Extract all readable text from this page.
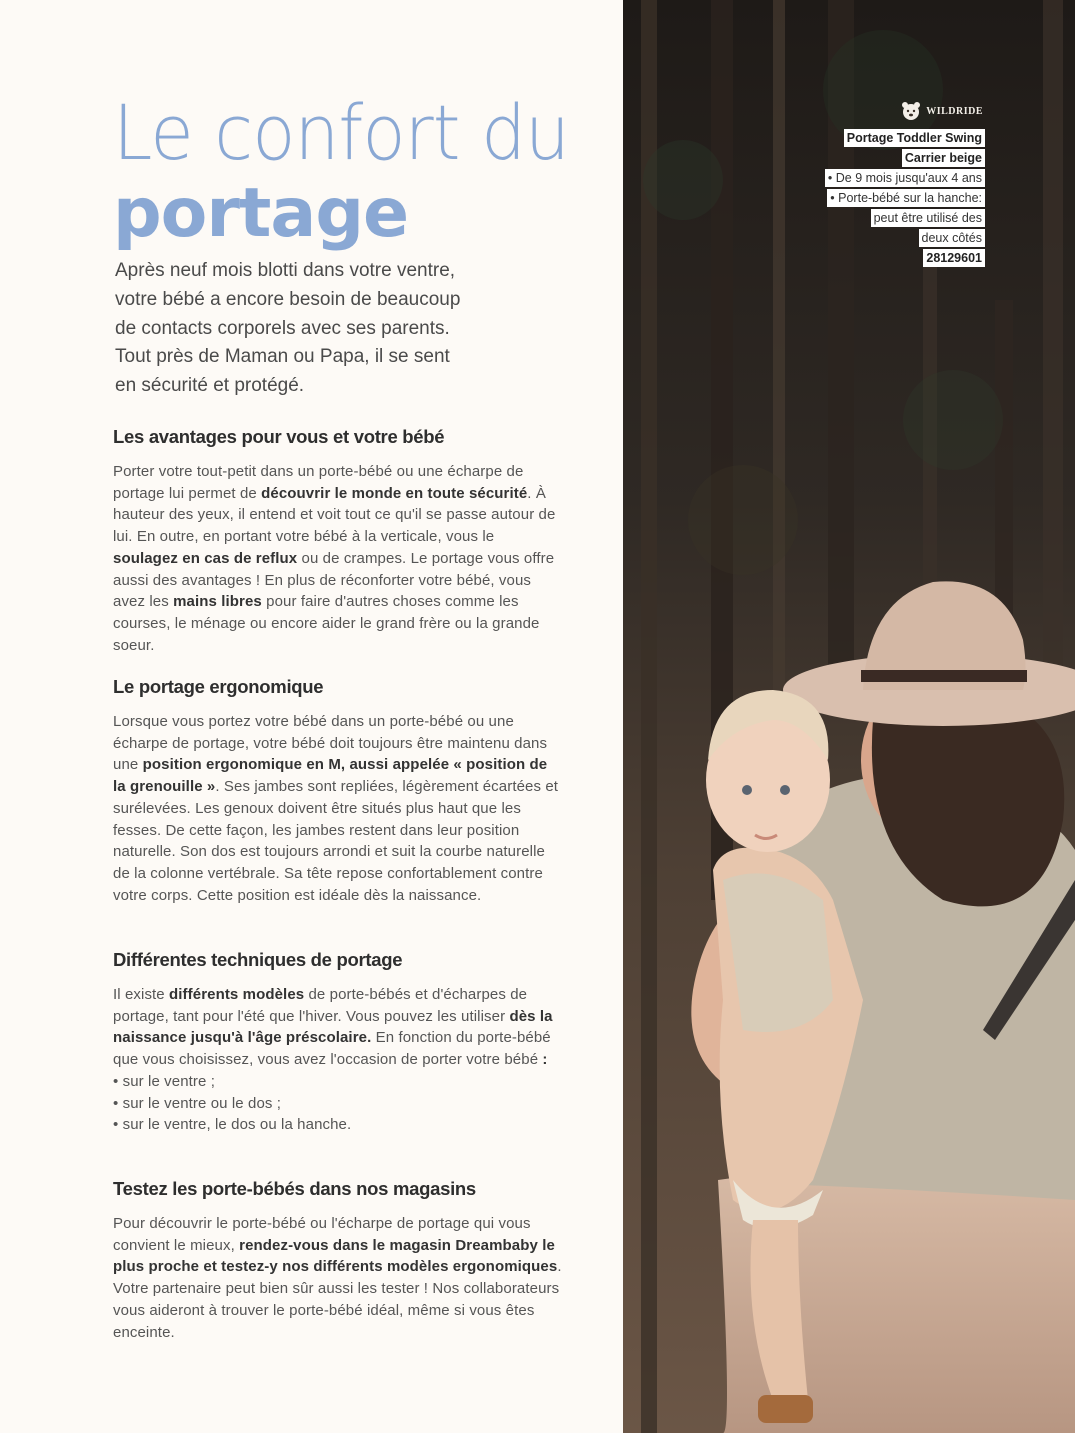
Le confort du
portage

Après neuf mois blotti dans votre ventre,
votre bébé a encore besoin de beaucoup
de contacts corporels avec ses parents.
Tout près de Maman ou Papa, il se sent
en sécurité et protégé.

Les avantages pour vous et votre bébé

Porter votre tout-petit dans un porte-bébé ou une écharpe de portage lui permet de découvrir le monde en toute sécurité. À hauteur des yeux, il entend et voit tout ce qu'il se passe autour de lui. En outre, en portant votre bébé à la verticale, vous le soulagez en cas de reflux ou de crampes. Le portage vous offre aussi des avantages ! En plus de réconforter votre bébé, vous avez les mains libres pour faire d'autres choses comme les courses, le ménage ou encore aider le grand frère ou la grande soeur.

Le portage ergonomique

Lorsque vous portez votre bébé dans un porte-bébé ou une écharpe de portage, votre bébé doit toujours être maintenu dans une position ergonomique en M, aussi appelée « position de la grenouille ». Ses jambes sont repliées, légèrement écartées et surélevées. Les genoux doivent être situés plus haut que les fesses. De cette façon, les jambes restent dans leur position naturelle. Son dos est toujours arrondi et suit la courbe naturelle de la colonne vertébrale. Sa tête repose confortablement contre votre corps. Cette position est idéale dès la naissance.

Différentes techniques de portage

Il existe différents modèles de porte-bébés et d'écharpes de portage, tant pour l'été que l'hiver. Vous pouvez les utiliser dès la naissance jusqu'à l'âge préscolaire. En fonction du porte-bébé que vous choisissez, vous avez l'occasion de porter votre bébé :
• sur le ventre ;
• sur le ventre ou le dos ;
• sur le ventre, le dos ou la hanche.

Testez les porte-bébés dans nos magasins

Pour découvrir le porte-bébé ou l'écharpe de portage qui vous convient le mieux, rendez-vous dans le magasin Dreambaby le plus proche et testez-y nos différents modèles ergonomiques. Votre partenaire peut bien sûr aussi les tester ! Nos collaborateurs vous aideront à trouver le porte-bébé idéal, même si vous êtes enceinte.

WILDRIDE
Portage Toddler Swing
Carrier beige
• De 9 mois jusqu'aux 4 ans
• Porte-bébé sur la hanche:
peut être utilisé des
deux côtés
28129601
